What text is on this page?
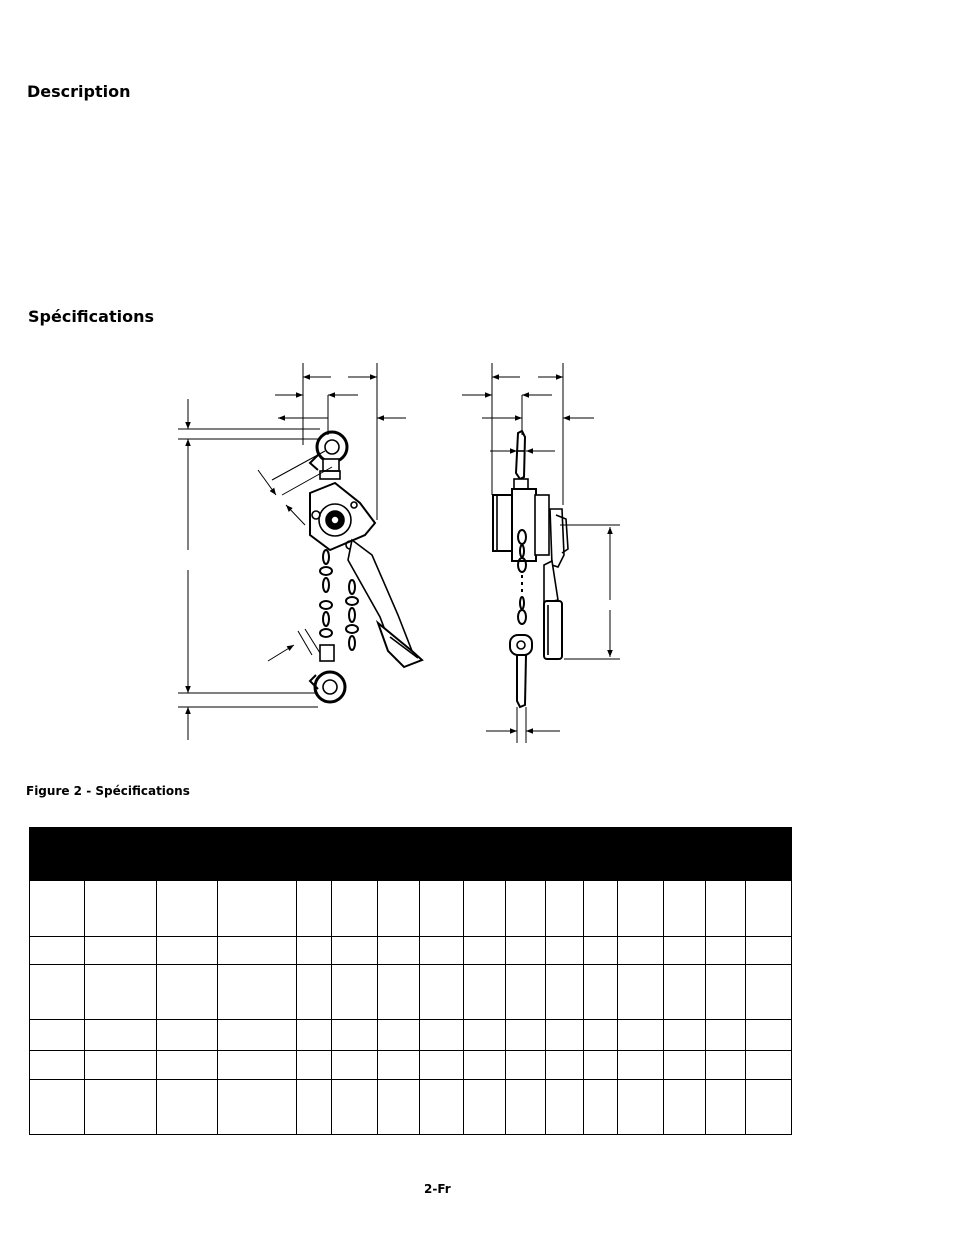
Description
Spécifications
Figure 2 - Spécifications

2-Fr
